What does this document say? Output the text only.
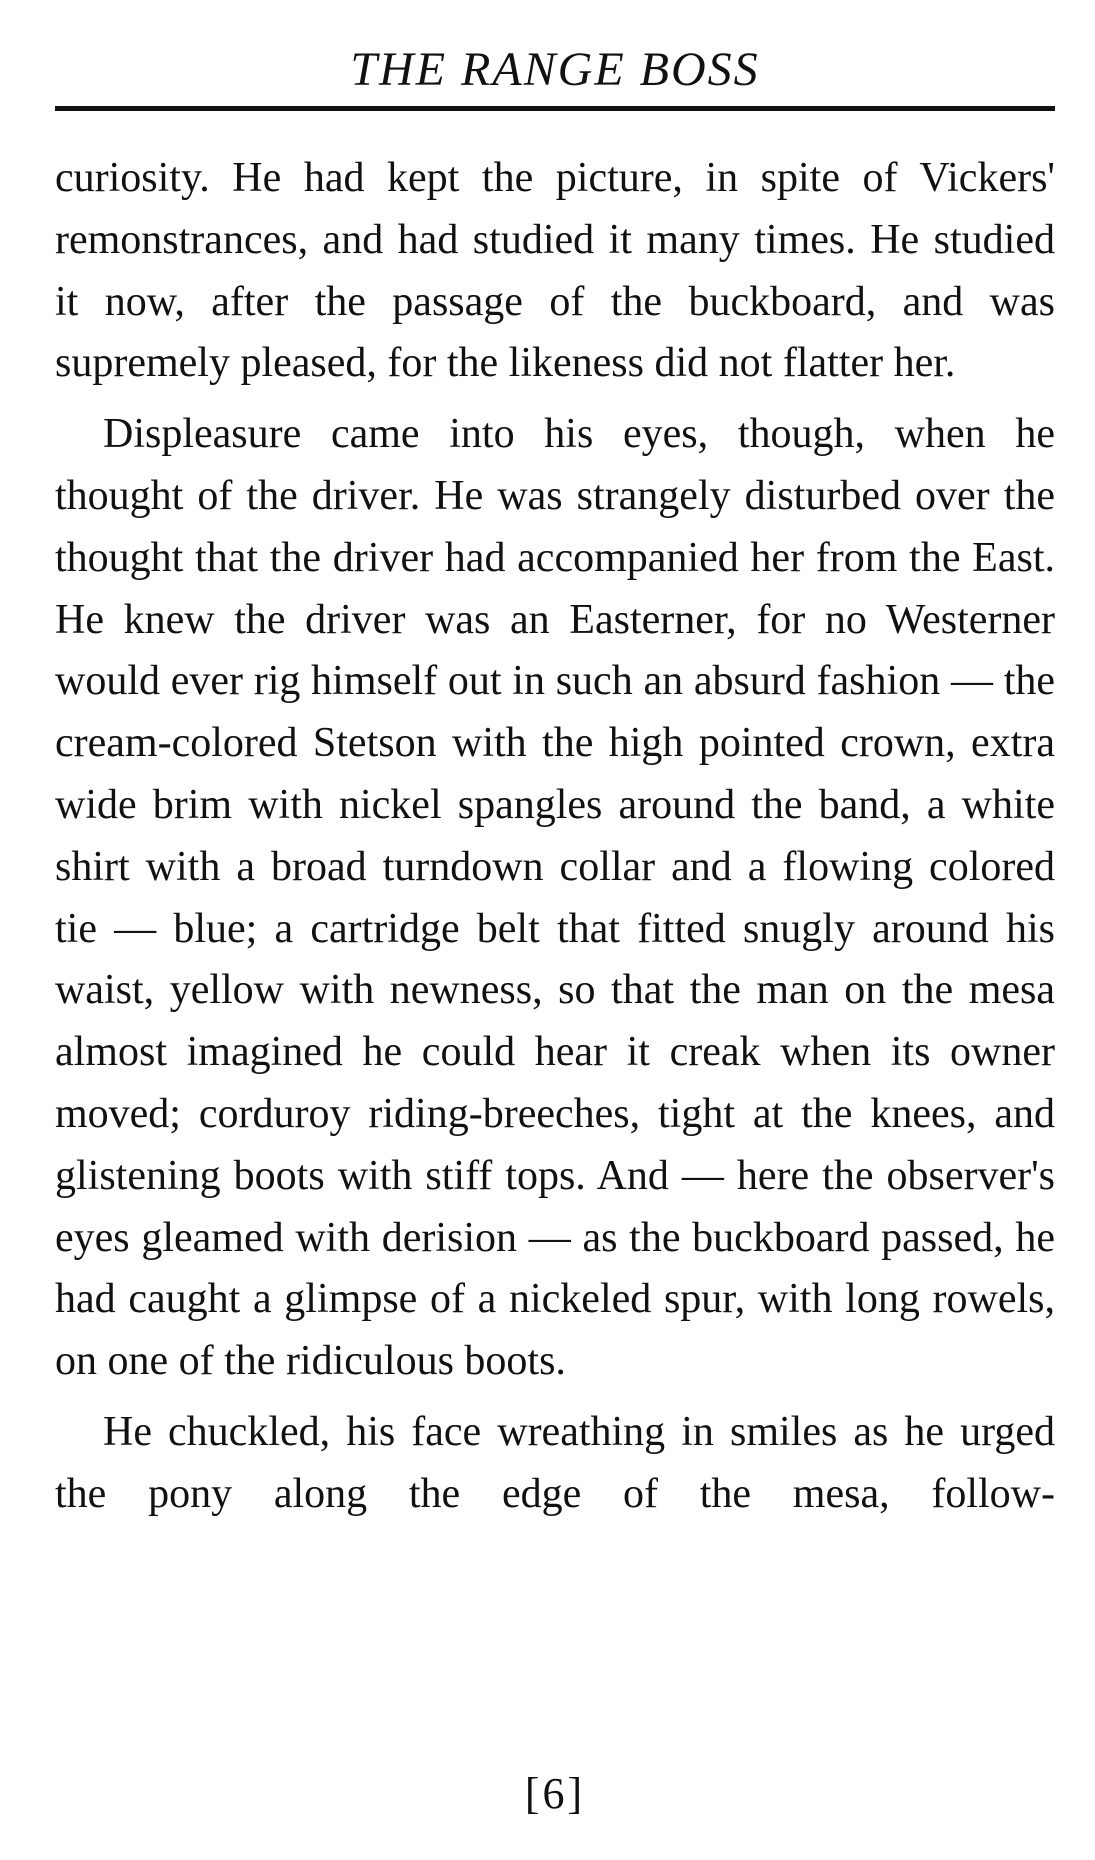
THE RANGE BOSS

curiosity. He had kept the picture, in spite of Vickers' remonstrances, and had studied it many times. He studied it now, after the passage of the buckboard, and was supremely pleased, for the likeness did not flatter her.

Displeasure came into his eyes, though, when he thought of the driver. He was strangely disturbed over the thought that the driver had accompanied her from the East. He knew the driver was an Easterner, for no Westerner would ever rig himself out in such an absurd fashion — the cream-colored Stetson with the high pointed crown, extra wide brim with nickel spangles around the band, a white shirt with a broad turndown collar and a flowing colored tie — blue; a cartridge belt that fitted snugly around his waist, yellow with newness, so that the man on the mesa almost imagined he could hear it creak when its owner moved; corduroy riding-breeches, tight at the knees, and glistening boots with stiff tops. And — here the observer's eyes gleamed with derision — as the buckboard passed, he had caught a glimpse of a nickeled spur, with long rowels, on one of the ridiculous boots.

He chuckled, his face wreathing in smiles as he urged the pony along the edge of the mesa, follow-

[6]
